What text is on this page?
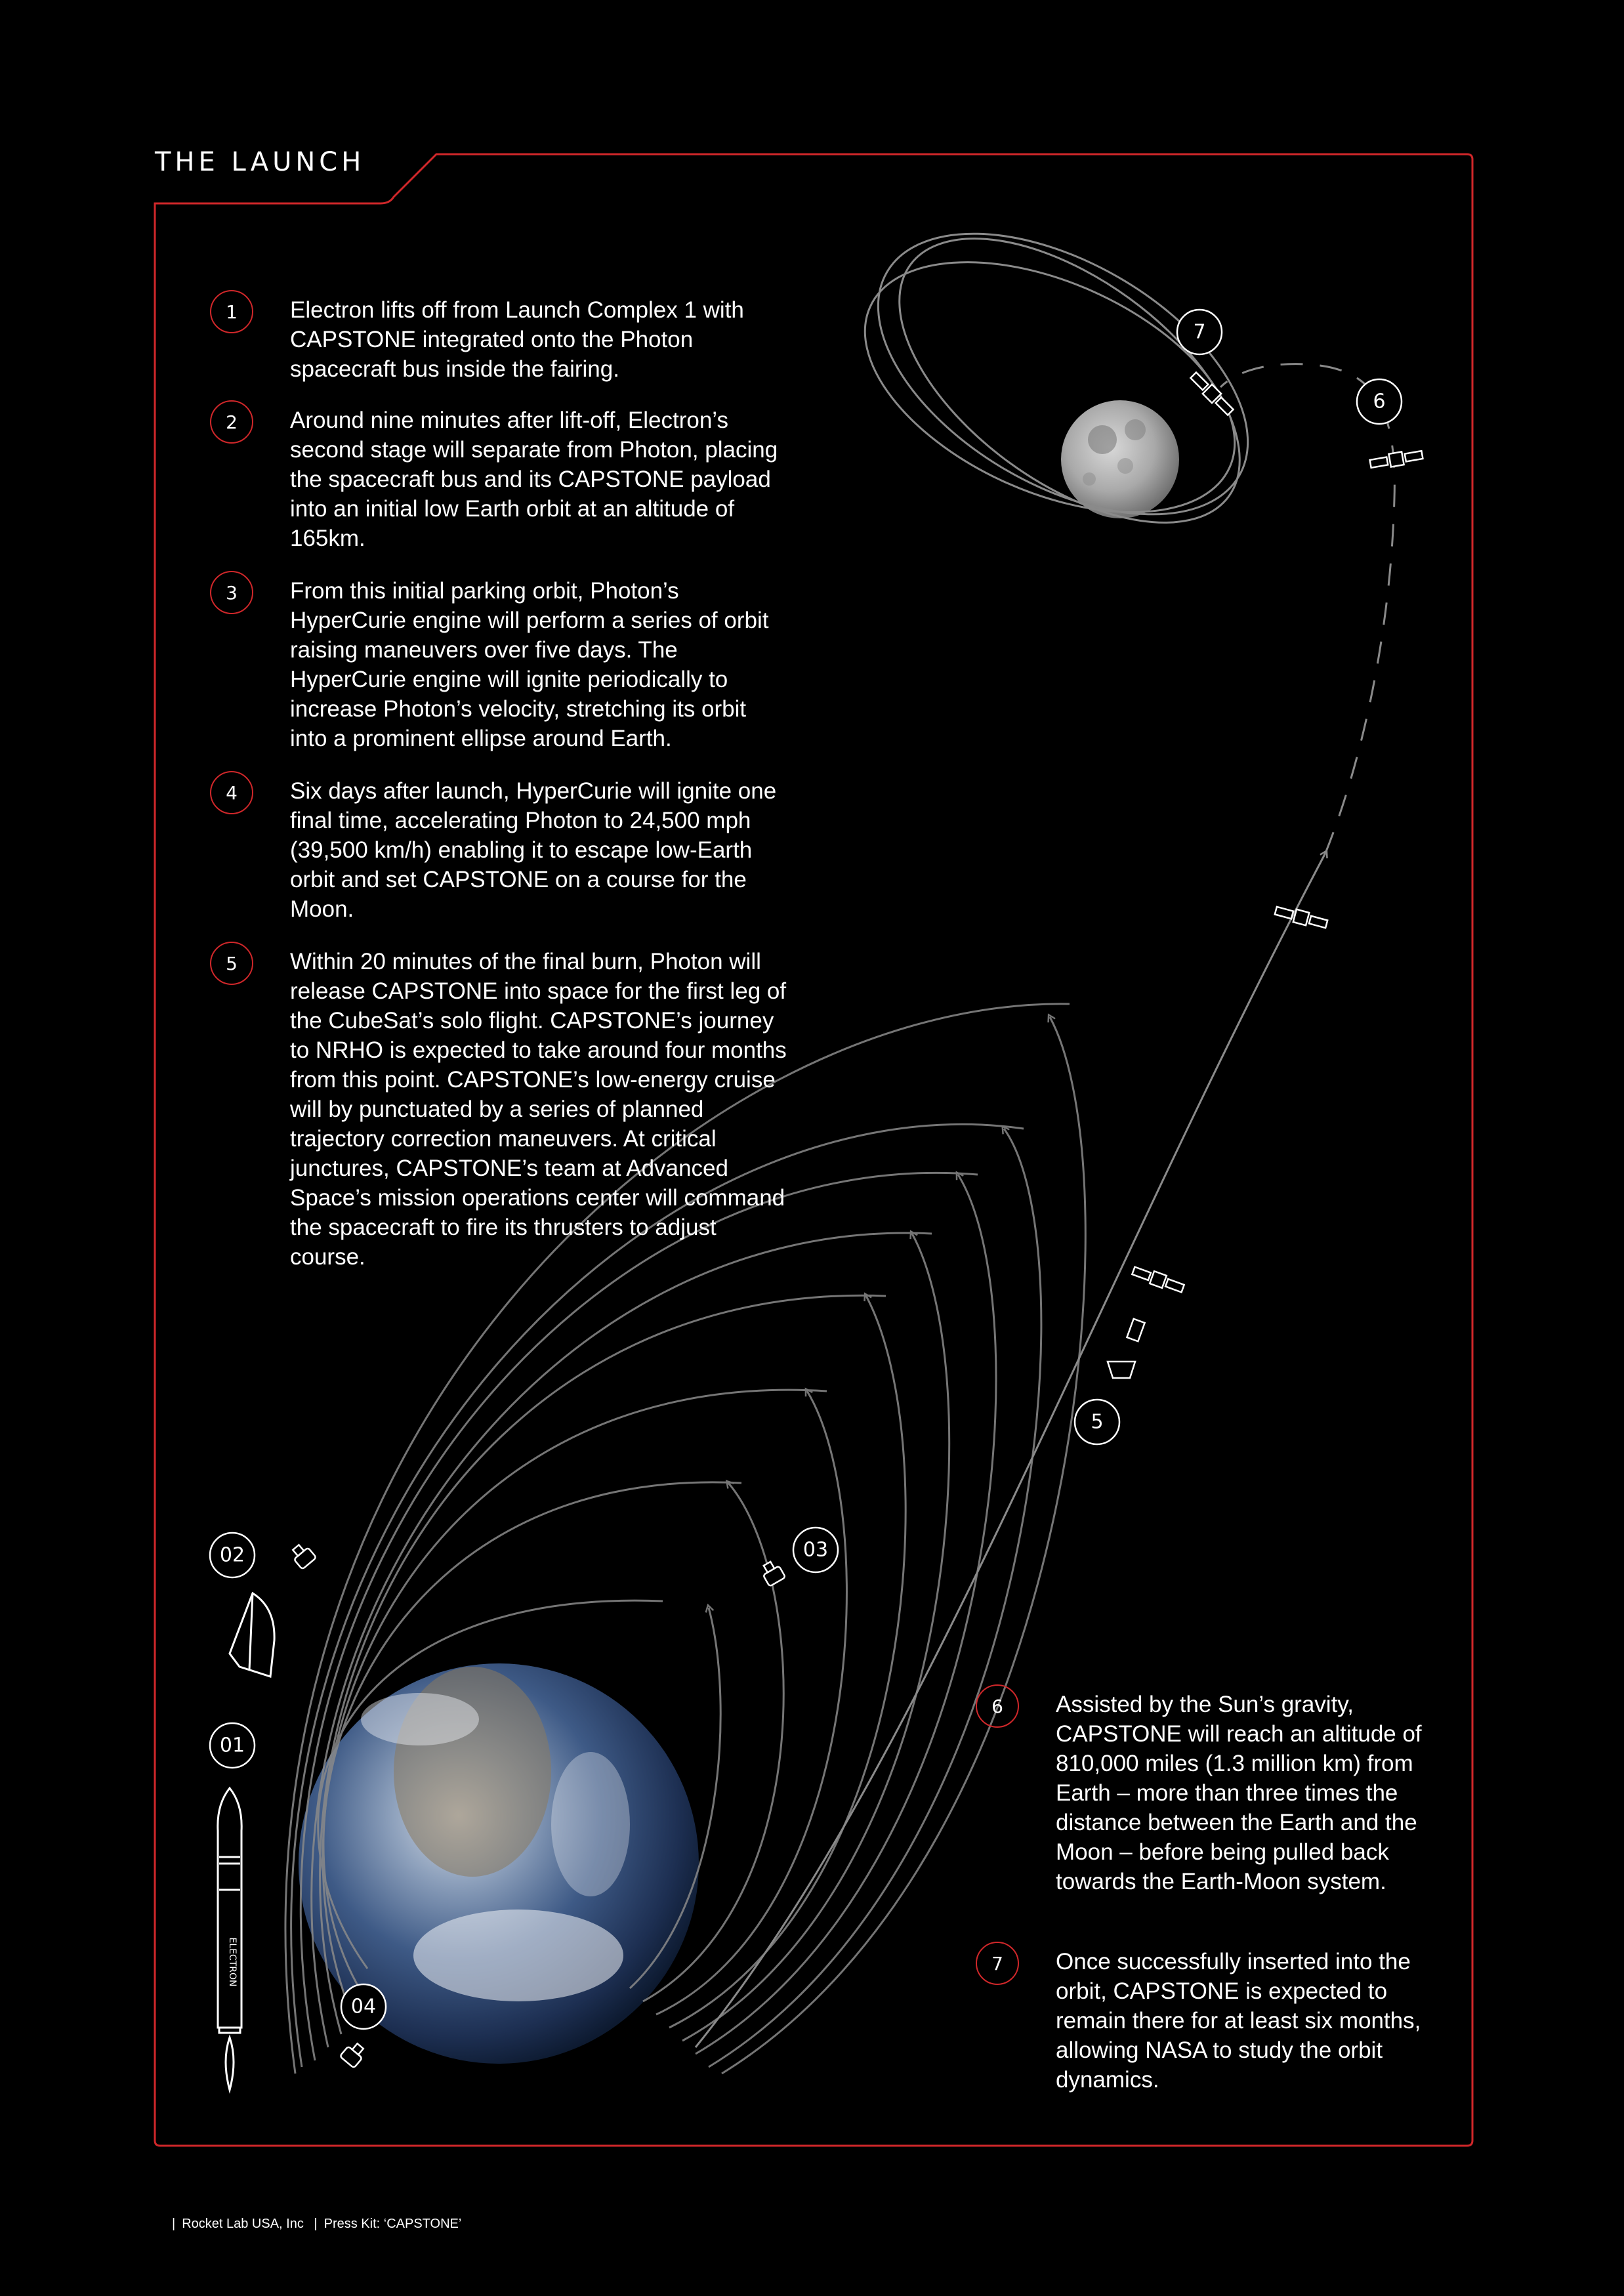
ELECTRON
02
01
03
04
5
6
7
THE LAUNCH
1	Electron lifts off from Launch Complex 1 with CAPSTONE integrated onto the Photon spacecraft bus inside the fairing.
2	Around nine minutes after lift-off, Electron’s second stage will separate from Photon, placing the spacecraft bus and its CAPSTONE payload into an initial low Earth orbit at an altitude of 165km.
3	From this initial parking orbit, Photon’s HyperCurie engine will perform a series of orbit raising maneuvers over five days. The HyperCurie engine will ignite periodically to increase Photon’s velocity, stretching its orbit into a prominent ellipse around Earth.
4	Six days after launch, HyperCurie will ignite one final time, accelerating Photon to 24,500 mph (39,500 km/h) enabling it to escape low-Earth orbit and set CAPSTONE on a course for the Moon.
5	Within 20 minutes of the final burn, Photon will release CAPSTONE into space for the first leg of the CubeSat’s solo flight. CAPSTONE’s journey to NRHO is expected to take around four months from this point. CAPSTONE’s low-energy cruise will by punctuated by a series of planned trajectory correction maneuvers. At critical junctures, CAPSTONE’s team at Advanced Space’s mission operations center will command the spacecraft to fire its thrusters to adjust course.
6	Assisted by the Sun’s gravity, CAPSTONE will reach an altitude of 810,000 miles (1.3 million km) from Earth – more than three times the distance between the Earth and the Moon – before being pulled back towards the Earth-Moon system.
7	Once successfully inserted into the orbit, CAPSTONE is expected to remain there for at least six months, allowing NASA to study the orbit dynamics.
| Rocket Lab USA, Inc | Press Kit: ‘CAPSTONE’
